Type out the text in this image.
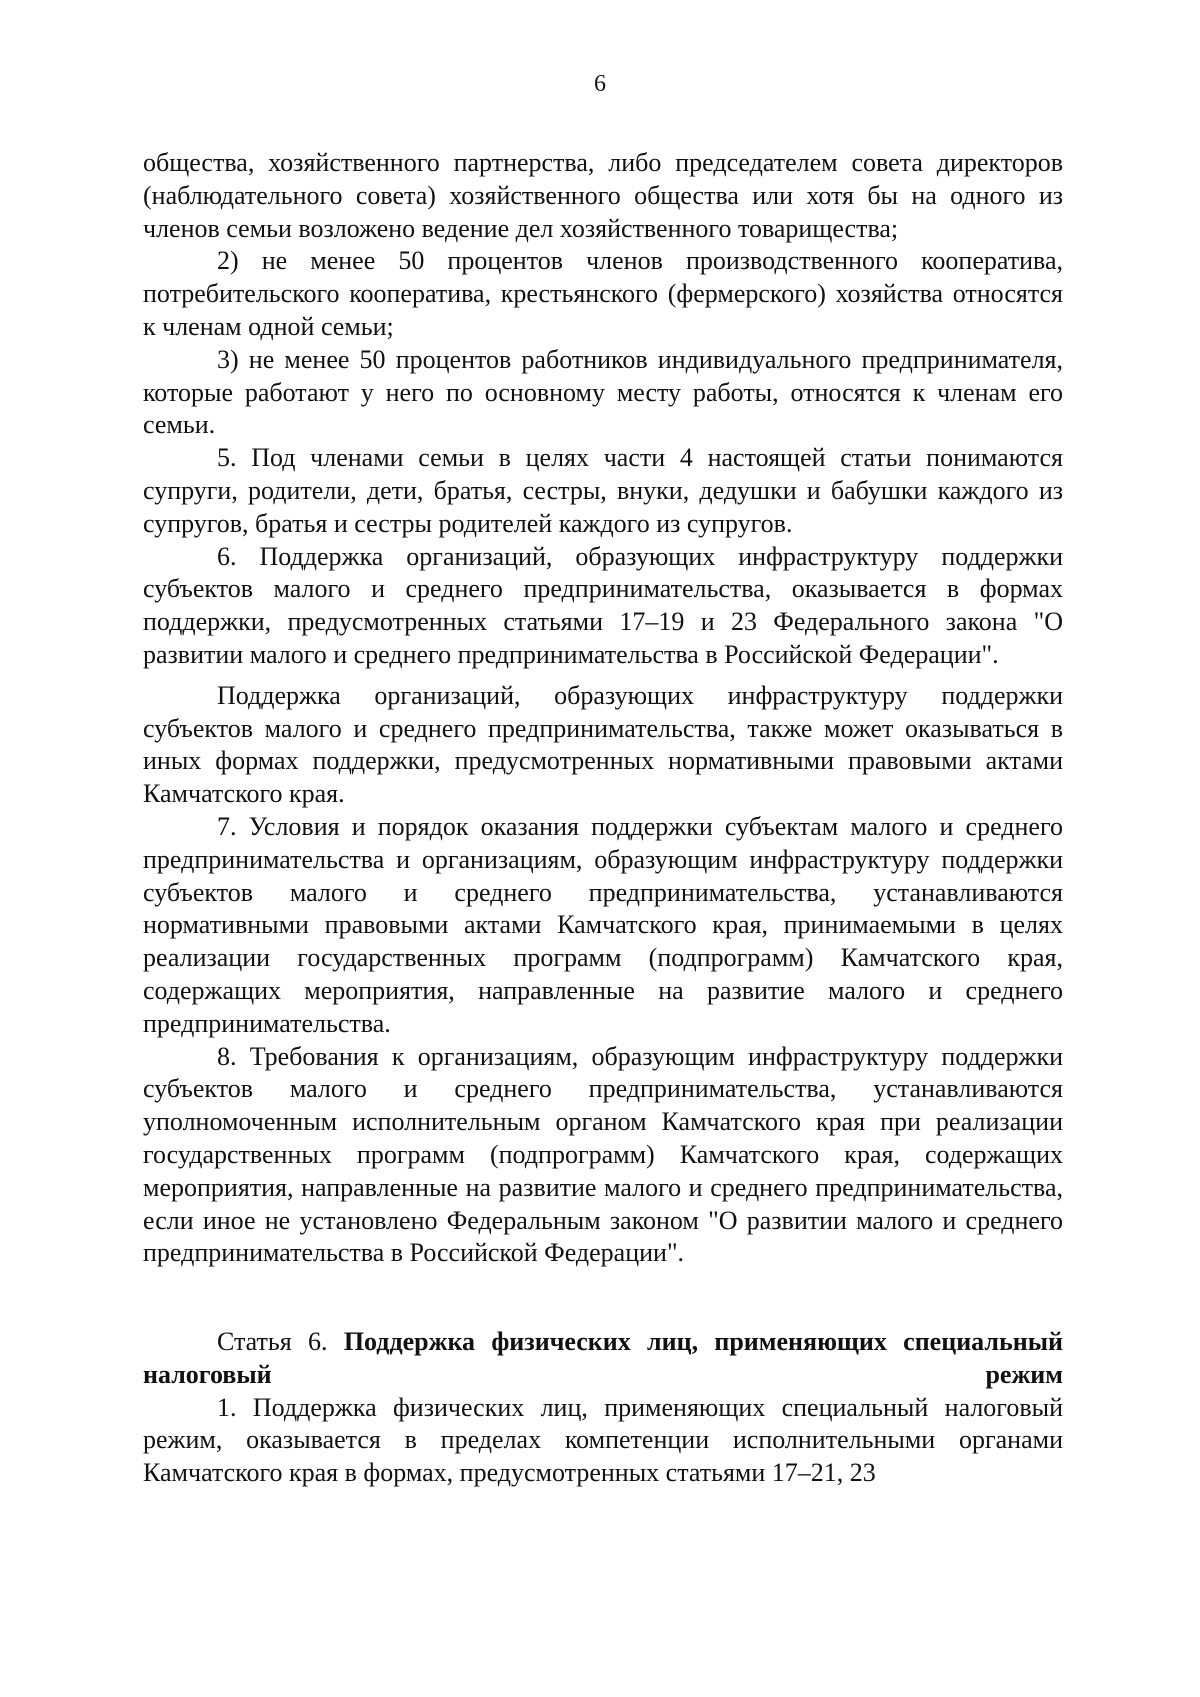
6

общества, хозяйственного партнерства, либо председателем совета директоров (наблюдательного совета) хозяйственного общества или хотя бы на одного из членов семьи возложено ведение дел хозяйственного товарищества;

2) не менее 50 процентов членов производственного кооператива, потребительского кооператива, крестьянского (фермерского) хозяйства относятся к членам одной семьи;

3) не менее 50 процентов работников индивидуального предпринимателя, которые работают у него по основному месту работы, относятся к членам его семьи.

5. Под членами семьи в целях части 4 настоящей статьи понимаются супруги, родители, дети, братья, сестры, внуки, дедушки и бабушки каждого из супругов, братья и сестры родителей каждого из супругов.

6. Поддержка организаций, образующих инфраструктуру поддержки субъектов малого и среднего предпринимательства, оказывается в формах поддержки, предусмотренных статьями 17–19 и 23 Федерального закона "О развитии малого и среднего предпринимательства в Российской Федерации".

Поддержка организаций, образующих инфраструктуру поддержки субъектов малого и среднего предпринимательства, также может оказываться в иных формах поддержки, предусмотренных нормативными правовыми актами Камчатского края.

7. Условия и порядок оказания поддержки субъектам малого и среднего предпринимательства и организациям, образующим инфраструктуру поддержки субъектов малого и среднего предпринимательства, устанавливаются нормативными правовыми актами Камчатского края, принимаемыми в целях реализации государственных программ (подпрограмм) Камчатского края, содержащих мероприятия, направленные на развитие малого и среднего предпринимательства.

8. Требования к организациям, образующим инфраструктуру поддержки субъектов малого и среднего предпринимательства, устанавливаются уполномоченным исполнительным органом Камчатского края при реализации государственных программ (подпрограмм) Камчатского края, содержащих мероприятия, направленные на развитие малого и среднего предпринимательства, если иное не установлено Федеральным законом "О развитии малого и среднего предпринимательства в Российской Федерации".

Статья 6. Поддержка физических лиц, применяющих специальный налоговый режим

1. Поддержка физических лиц, применяющих специальный налоговый режим, оказывается в пределах компетенции исполнительными органами Камчатского края в формах, предусмотренных статьями 17–21, 23
